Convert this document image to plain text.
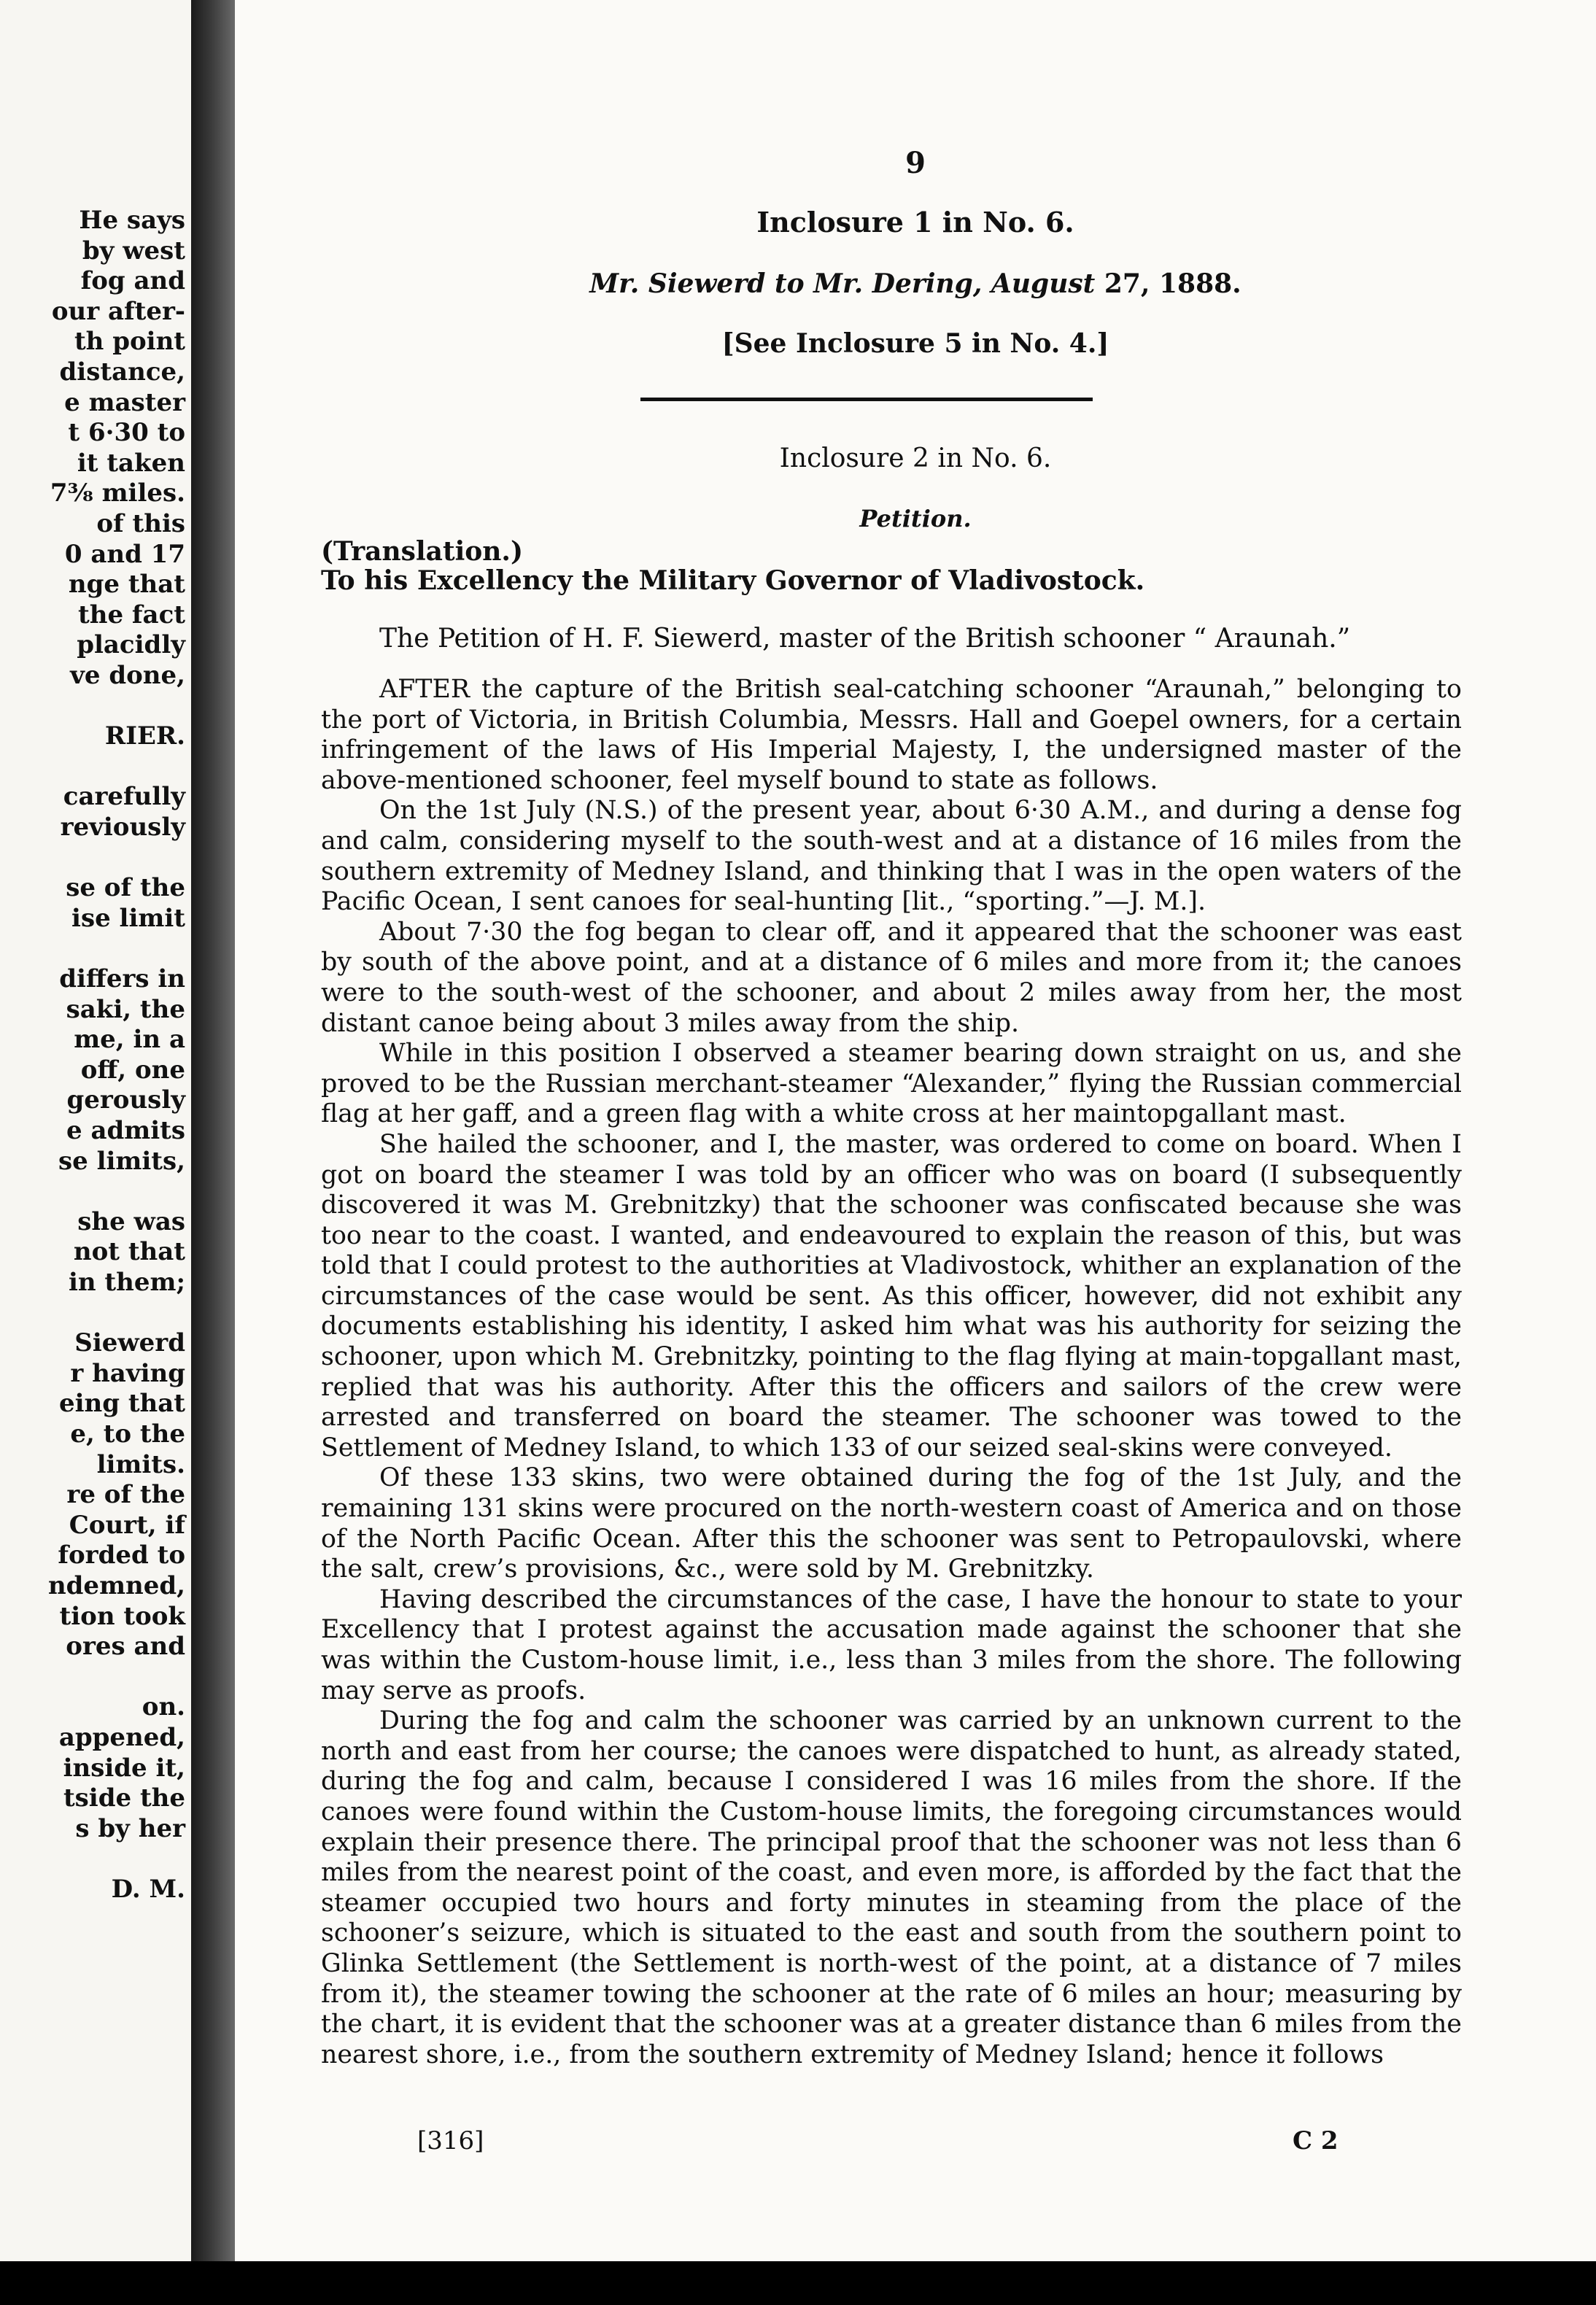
He says
by west
fog and
our after-
th point
distance,
e master
t 6·30 to
it taken
7⅜ miles.
of this
0 and 17
nge that
the fact
placidly
ve done,
RIER.
carefully
reviously
se of the
ise limit
differs in
saki, the
me, in a
off, one
gerously
e admits
se limits,
she was
not that
in them;
Siewerd
r having
eing that
e, to the
limits.
re of the
Court, if
forded to
ndemned,
tion took
ores and
on.
appened,
inside it,
tside the
s by her
D. M.
9
Inclosure 1 in No. 6.
Mr. Siewerd to Mr. Dering, August 27, 1888.
[See Inclosure 5 in No. 4.]
Inclosure 2 in No. 6.
Petition.
(Translation.)
To his Excellency the Military Governor of Vladivostock.
The Petition of H. F. Siewerd, master of the British schooner “ Araunah.”

AFTER the capture of the British seal-catching schooner “Araunah,” belonging to the port of Victoria, in British Columbia, Messrs. Hall and Goepel owners, for a certain infringement of the laws of His Imperial Majesty, I, the undersigned master of the above-mentioned schooner, feel myself bound to state as follows.

On the 1st July (N.S.) of the present year, about 6·30 A.M., and during a dense fog and calm, considering myself to the south-west and at a distance of 16 miles from the southern extremity of Medney Island, and thinking that I was in the open waters of the Pacific Ocean, I sent canoes for seal-hunting [lit., “sporting.”—J. M.].

About 7·30 the fog began to clear off, and it appeared that the schooner was east by south of the above point, and at a distance of 6 miles and more from it; the canoes were to the south-west of the schooner, and about 2 miles away from her, the most distant canoe being about 3 miles away from the ship.

While in this position I observed a steamer bearing down straight on us, and she proved to be the Russian merchant-steamer “Alexander,” flying the Russian commercial flag at her gaff, and a green flag with a white cross at her maintopgallant mast.

She hailed the schooner, and I, the master, was ordered to come on board. When I got on board the steamer I was told by an officer who was on board (I subsequently discovered it was M. Grebnitzky) that the schooner was confiscated because she was too near to the coast. I wanted, and endeavoured to explain the reason of this, but was told that I could protest to the authorities at Vladivostock, whither an explanation of the circumstances of the case would be sent. As this officer, however, did not exhibit any documents establishing his identity, I asked him what was his authority for seizing the schooner, upon which M. Grebnitzky, pointing to the flag flying at main-topgallant mast, replied that was his authority. After this the officers and sailors of the crew were arrested and transferred on board the steamer. The schooner was towed to the Settlement of Medney Island, to which 133 of our seized seal-skins were conveyed.

Of these 133 skins, two were obtained during the fog of the 1st July, and the remaining 131 skins were procured on the north-western coast of America and on those of the North Pacific Ocean. After this the schooner was sent to Petropaulovski, where the salt, crew’s provisions, &c., were sold by M. Grebnitzky.

Having described the circumstances of the case, I have the honour to state to your Excellency that I protest against the accusation made against the schooner that she was within the Custom-house limit, i.e., less than 3 miles from the shore. The following may serve as proofs.

During the fog and calm the schooner was carried by an unknown current to the north and east from her course; the canoes were dispatched to hunt, as already stated, during the fog and calm, because I considered I was 16 miles from the shore. If the canoes were found within the Custom-house limits, the foregoing circumstances would explain their presence there. The principal proof that the schooner was not less than 6 miles from the nearest point of the coast, and even more, is afforded by the fact that the steamer occupied two hours and forty minutes in steaming from the place of the schooner’s seizure, which is situated to the east and south from the southern point to Glinka Settlement (the Settlement is north-west of the point, at a distance of 7 miles from it), the steamer towing the schooner at the rate of 6 miles an hour; measuring by the chart, it is evident that the schooner was at a greater distance than 6 miles from the nearest shore, i.e., from the southern extremity of Medney Island; hence it follows

[316]	C 2
